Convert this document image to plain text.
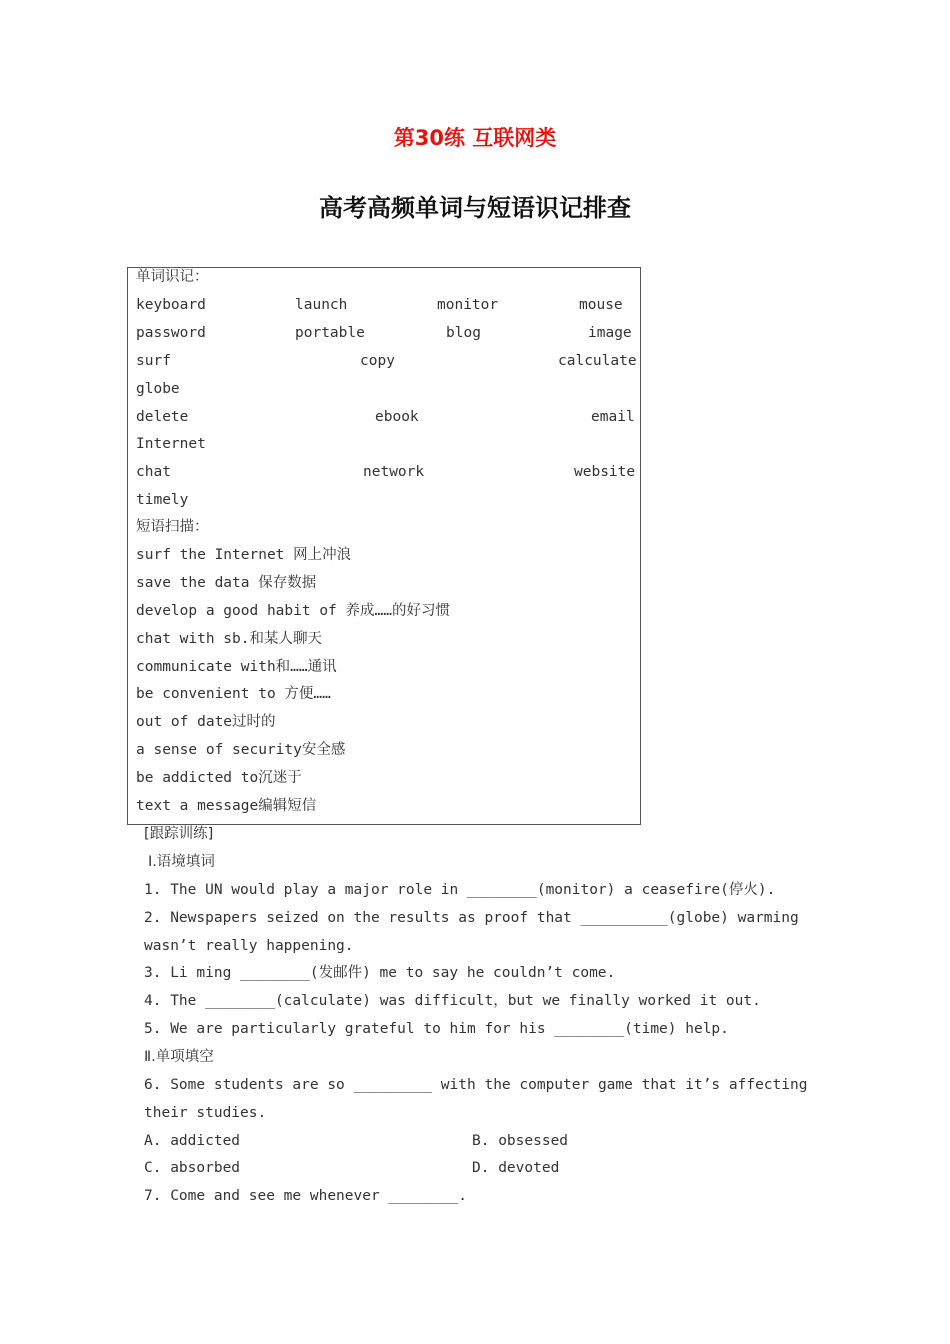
第30练 互联网类
高考高频单词与短语识记排查
单词识记：
keyboard	launch	monitor	mouse
password	portable	blog	image
surf	copy	calculate
globe
delete	ebook	email
Internet
chat	network	website
timely
短语扫描：
surf the Internet 网上冲浪
save the data 保存数据
develop a good habit of 养成……的好习惯
chat with sb.和某人聊天
communicate with和……通讯
be convenient to 方便……
out of date过时的
a sense of security安全感
be addicted to沉迷于
text a message编辑短信
[跟踪训练]
Ⅰ.语境填词
1. The UN would play a major role in ________(monitor) a ceasefire(停火).
2. Newspapers seized on the results as proof that __________(globe) warming
wasn’t really happening.
3. Li ming ________(发邮件) me to say he couldn’t come.
4. The ________(calculate) was difficult，but we finally worked it out.
5. We are particularly grateful to him for his ________(time) help.
Ⅱ.单项填空
6. Some students are so _________ with the computer game that it’s affecting
their studies.
A. addicted	B. obsessed
C. absorbed	D. devoted
7. Come and see me whenever ________.
